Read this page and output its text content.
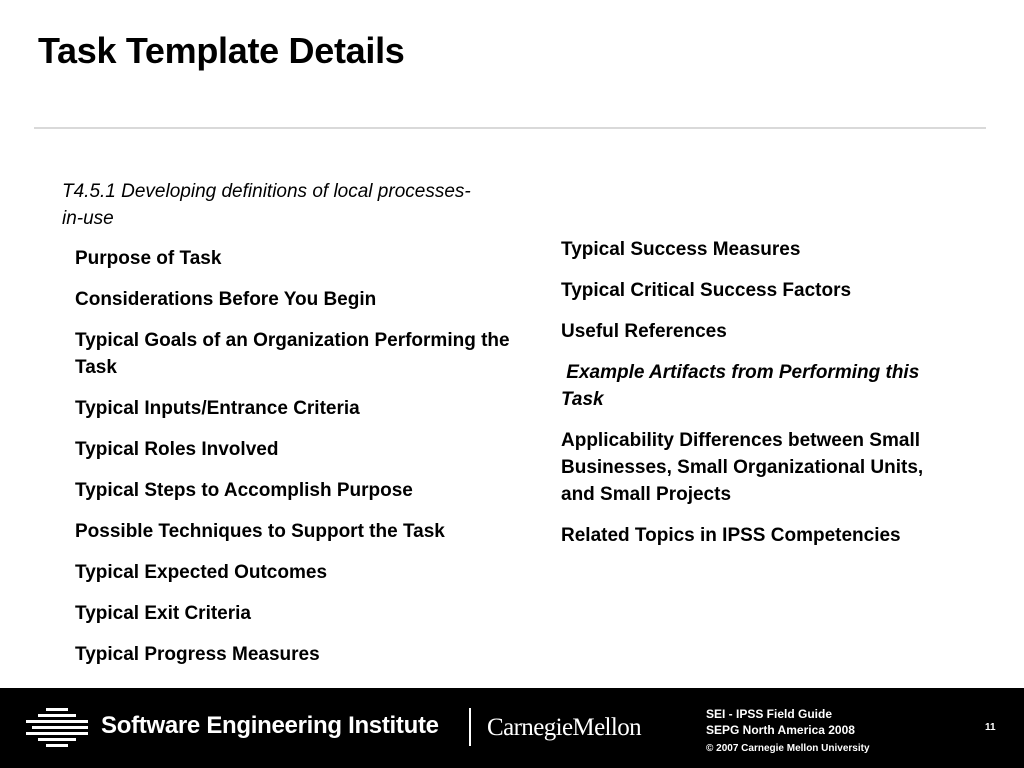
Task Template Details
T4.5.1 Developing definitions of local processes-in-use
Purpose of Task
Considerations Before You Begin
Typical Goals of an Organization Performing the Task
Typical Inputs/Entrance Criteria
Typical Roles Involved
Typical Steps to Accomplish Purpose
Possible Techniques to Support the Task
Typical Expected Outcomes
Typical Exit Criteria
Typical Progress Measures
Typical Success Measures
Typical Critical Success Factors
Useful References
Example Artifacts from Performing this Task
Applicability Differences between Small Businesses, Small Organizational Units, and Small Projects
Related Topics in IPSS Competencies
Software Engineering Institute CarnegieMellon	SEI - IPSS Field Guide
SEPG North America 2008
© 2007 Carnegie Mellon University
11
